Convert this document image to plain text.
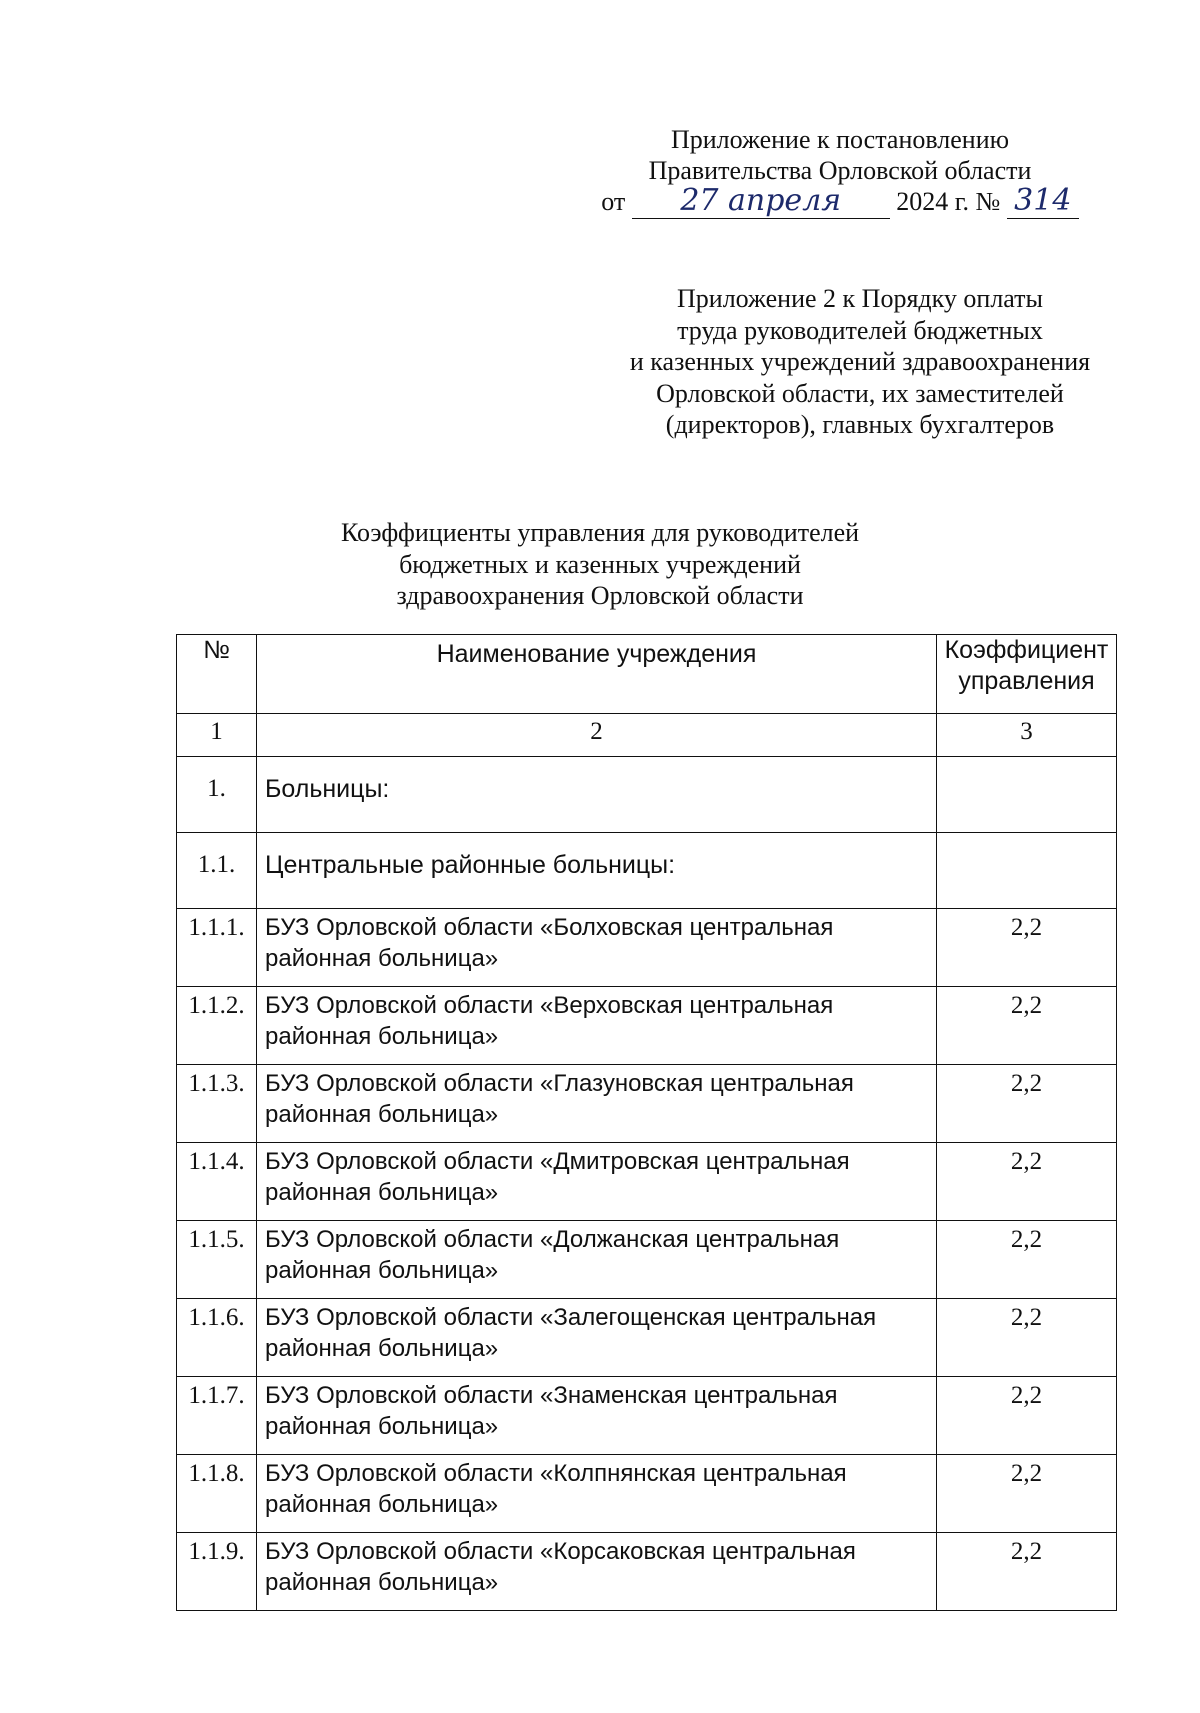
Приложение к постановлению
Правительства Орловской области
от 27 апреля 2024 г. № 314
Приложение 2 к Порядку оплаты
труда руководителей бюджетных
и казенных учреждений здравоохранения
Орловской области, их заместителей
(директоров), главных бухгалтеров
Коэффициенты управления для руководителей
бюджетных и казенных учреждений
здравоохранения Орловской области
№	Наименование учреждения	Коэффициент
управления

1	2	3
1.	Больницы:	
1.1.	Центральные районные больницы:	
1.1.1.	БУЗ Орловской области «Болховская центральная
районная больница»	2,2
1.1.2.	БУЗ Орловской области «Верховская центральная
районная больница»	2,2
1.1.3.	БУЗ Орловской области «Глазуновская центральная
районная больница»	2,2
1.1.4.	БУЗ Орловской области «Дмитровская центральная
районная больница»	2,2
1.1.5.	БУЗ Орловской области «Должанская центральная
районная больница»	2,2
1.1.6.	БУЗ Орловской области «Залегощенская центральная
районная больница»	2,2
1.1.7.	БУЗ Орловской области «Знаменская центральная
районная больница»	2,2
1.1.8.	БУЗ Орловской области «Колпнянская центральная
районная больница»	2,2
1.1.9.	БУЗ Орловской области «Корсаковская центральная
районная больница»	2,2
